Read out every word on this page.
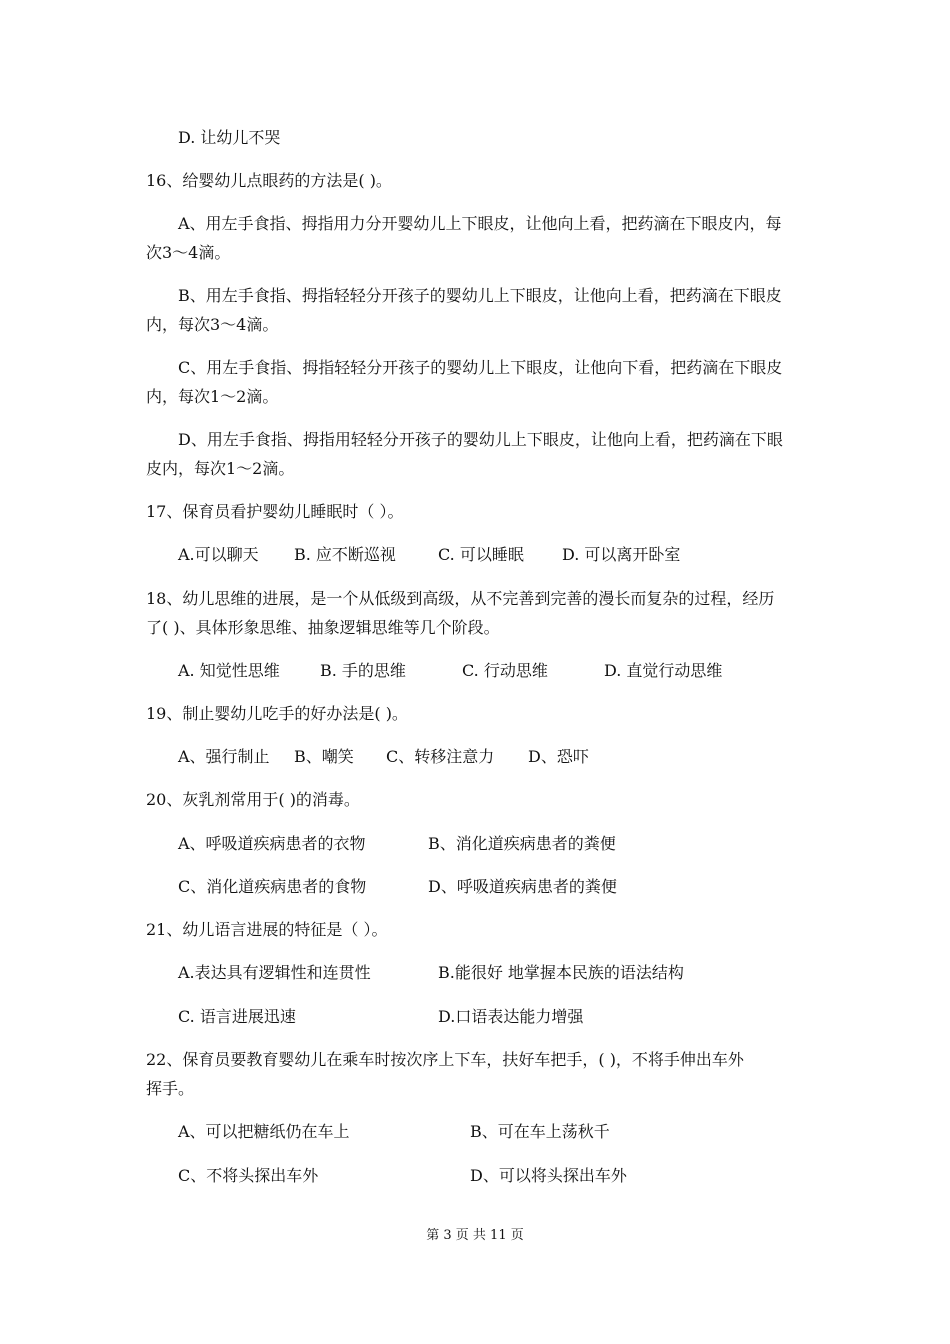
D. 让幼儿不哭
16、给婴幼儿点眼药的方法是( )。
A、用左手食指、拇指用力分开婴幼儿上下眼皮，让他向上看，把药滴在下眼皮内，每
次3～4滴。
B、用左手食指、拇指轻轻分开孩子的婴幼儿上下眼皮，让他向上看，把药滴在下眼皮
内，每次3～4滴。
C、用左手食指、拇指轻轻分开孩子的婴幼儿上下眼皮，让他向下看，把药滴在下眼皮
内，每次1～2滴。
D、用左手食指、拇指用轻轻分开孩子的婴幼儿上下眼皮，让他向上看，把药滴在下眼
皮内，每次1～2滴。
17、保育员看护婴幼儿睡眠时（ ）。
A.可以聊天 B. 应不断巡视	C. 可以睡眠 D. 可以离开卧室
18、幼儿思维的进展，是一个从低级到高级，从不完善到完善的漫长而复杂的过程，经历
了( )、具体形象思维、抽象逻辑思维等几个阶段。
A. 知觉性思维	B. 手的思维	C. 行动思维	D. 直觉行动思维
19、制止婴幼儿吃手的好办法是( )。
A、强行制止 B、嘲笑 C、转移注意力 D、恐吓
20、灰乳剂常用于( )的消毒。
A、呼吸道疾病患者的衣物	B、消化道疾病患者的粪便
C、消化道疾病患者的食物	D、呼吸道疾病患者的粪便
21、幼儿语言进展的特征是（ ）。
A.表达具有逻辑性和连贯性	B.能很好 地掌握本民族的语法结构
C. 语言进展迅速	D.口语表达能力增强
22、保育员要教育婴幼儿在乘车时按次序上下车，扶好车把手，( )，不将手伸出车外
挥手。
A、可以把糖纸仍在车上	B、可在车上荡秋千
C、不将头探出车外	D、可以将头探出车外
第 3 页 共 11 页
